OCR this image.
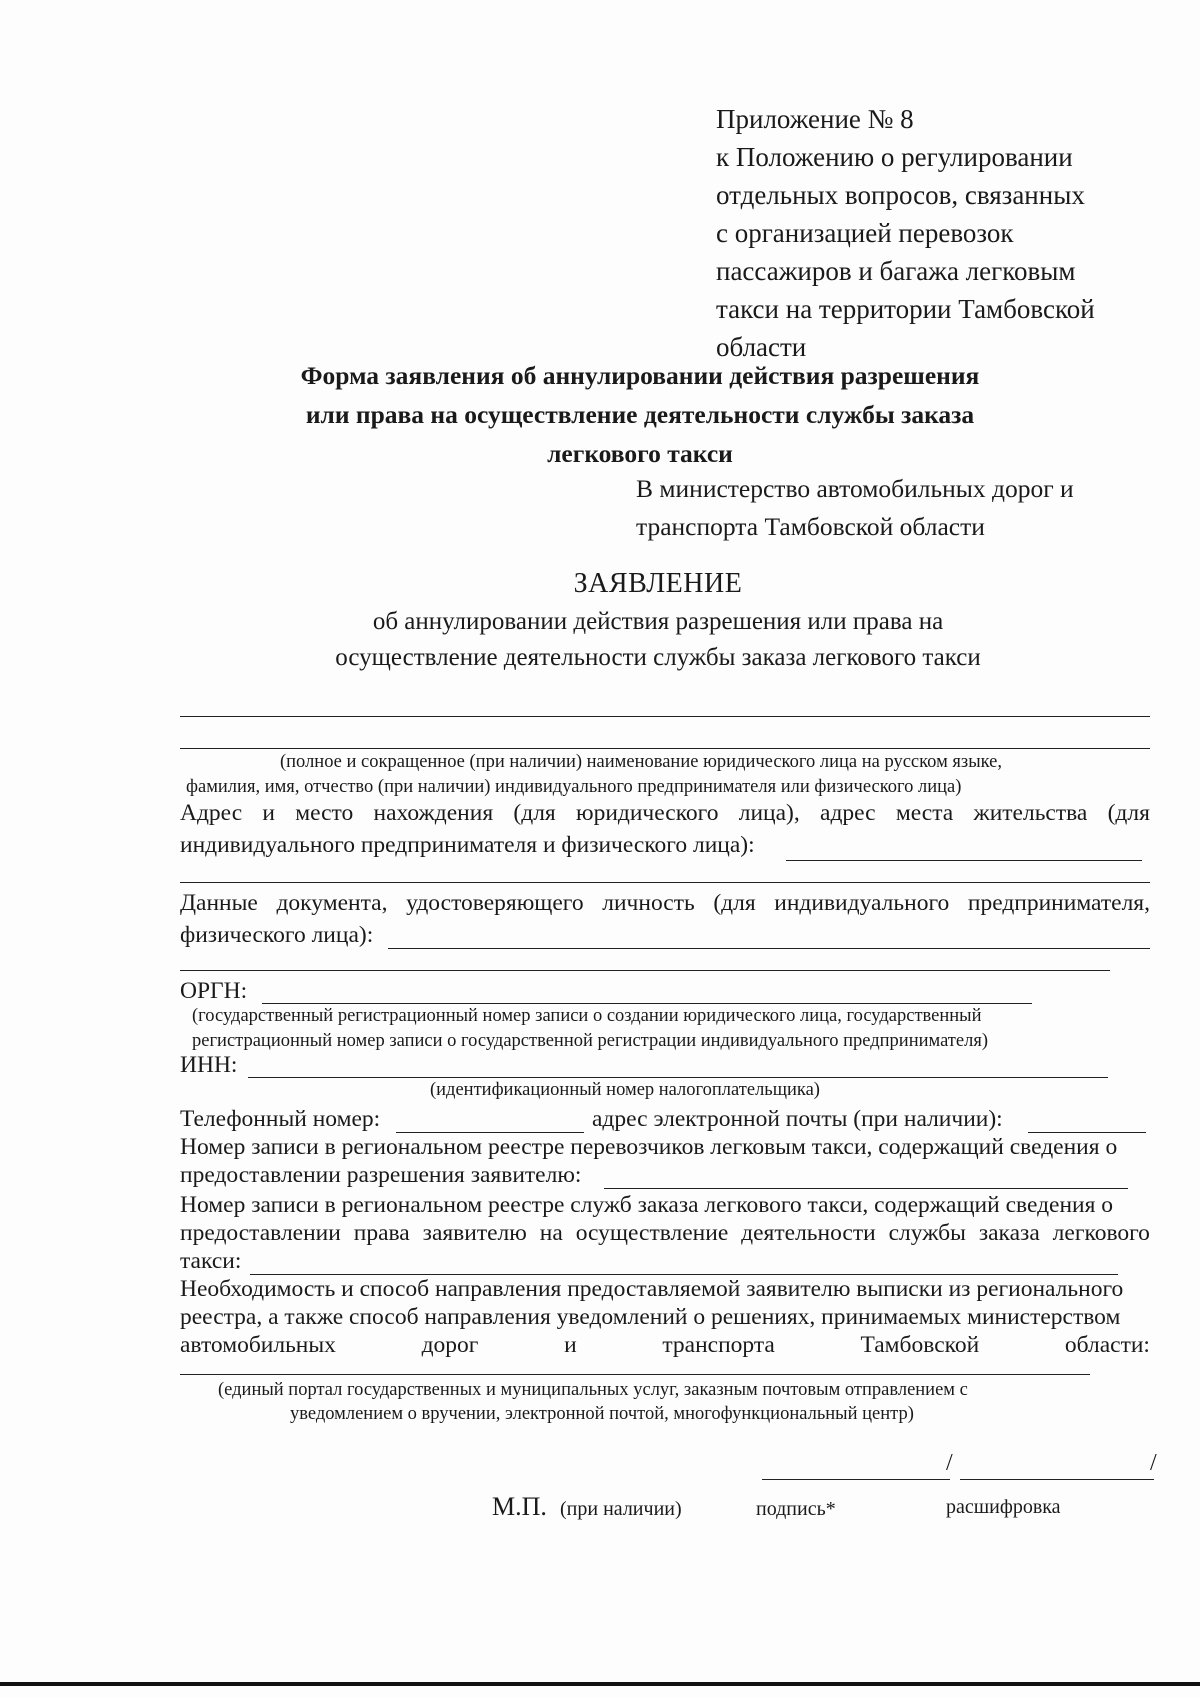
Приложение № 8
к Положению о регулировании
отдельных вопросов, связанных
с организацией перевозок
пассажиров и багажа легковым
такси на территории Тамбовской
области
Форма заявления об аннулировании действия разрешения
или права на осуществление деятельности службы заказа
легкового такси
В министерство автомобильных дорог и
транспорта Тамбовской области
ЗАЯВЛЕНИЕ
об аннулировании действия разрешения или права на
осуществление деятельности службы заказа легкового такси
(полное и сокращенное (при наличии) наименование юридического лица на русском языке,
фамилия, имя, отчество (при наличии) индивидуального предпринимателя или физического лица)
Адрес и место нахождения (для юридического лица), адрес места жительства (для
индивидуального предпринимателя и физического лица):
Данные документа, удостоверяющего личность (для индивидуального предпринимателя,
физического лица):
ОРГН:
(государственный регистрационный номер записи о создании юридического лица, государственный
регистрационный номер записи о государственной регистрации индивидуального предпринимателя)
ИНН:
(идентификационный номер налогоплательщика)
Телефонный номер:	адрес электронной почты (при наличии):
Номер записи в региональном реестре перевозчиков легковым такси, содержащий сведения о
предоставлении разрешения заявителю:
Номер записи в региональном реестре служб заказа легкового такси, содержащий сведения о
предоставлении права заявителю на осуществление деятельности службы заказа легкового
такси:
Необходимость и способ направления предоставляемой заявителю выписки из регионального
реестра, а также способ направления уведомлений о решениях, принимаемых министерством
автомобильных	дорог	и	транспорта	Тамбовской	области:
(единый портал государственных и муниципальных услуг, заказным почтовым отправлением с
уведомлением о вручении, электронной почтой, многофункциональный центр)
/	/
М.П. (при наличии)	подпись*	расшифровка
